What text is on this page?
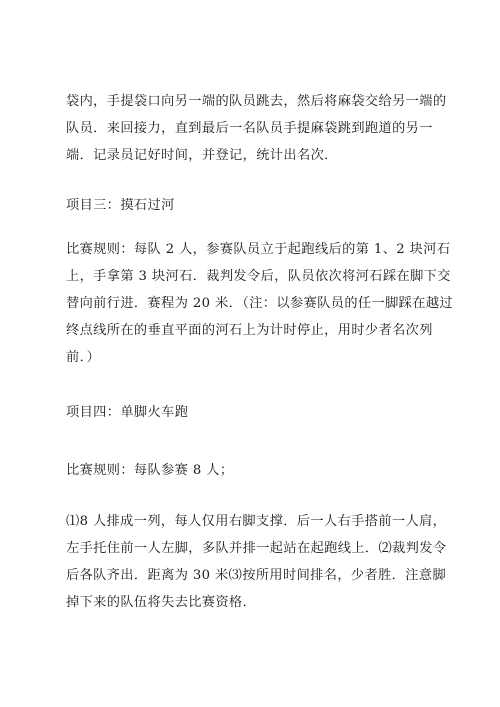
袋内，手提袋口向另一端的队员跳去，然后将麻袋交给另一端的
队员．来回接力，直到最后一名队员手提麻袋跳到跑道的另一
端．记录员记好时间，并登记，统计出名次．

项目三：摸石过河

比赛规则：每队 2 人，参赛队员立于起跑线后的第 1、2 块河石
上，手拿第 3 块河石．裁判发令后，队员依次将河石踩在脚下交
替向前行进．赛程为 20 米．（注：以参赛队员的任一脚踩在越过
终点线所在的垂直平面的河石上为计时停止，用时少者名次列
前．）

项目四：单脚火车跑

比赛规则：每队参赛 8 人；

⑴8 人排成一列，每人仅用右脚支撑．后一人右手搭前一人肩，
左手托住前一人左脚，多队并排一起站在起跑线上．⑵裁判发令
后各队齐出．距离为 30 米⑶按所用时间排名，少者胜．注意脚
掉下来的队伍将失去比赛资格．
